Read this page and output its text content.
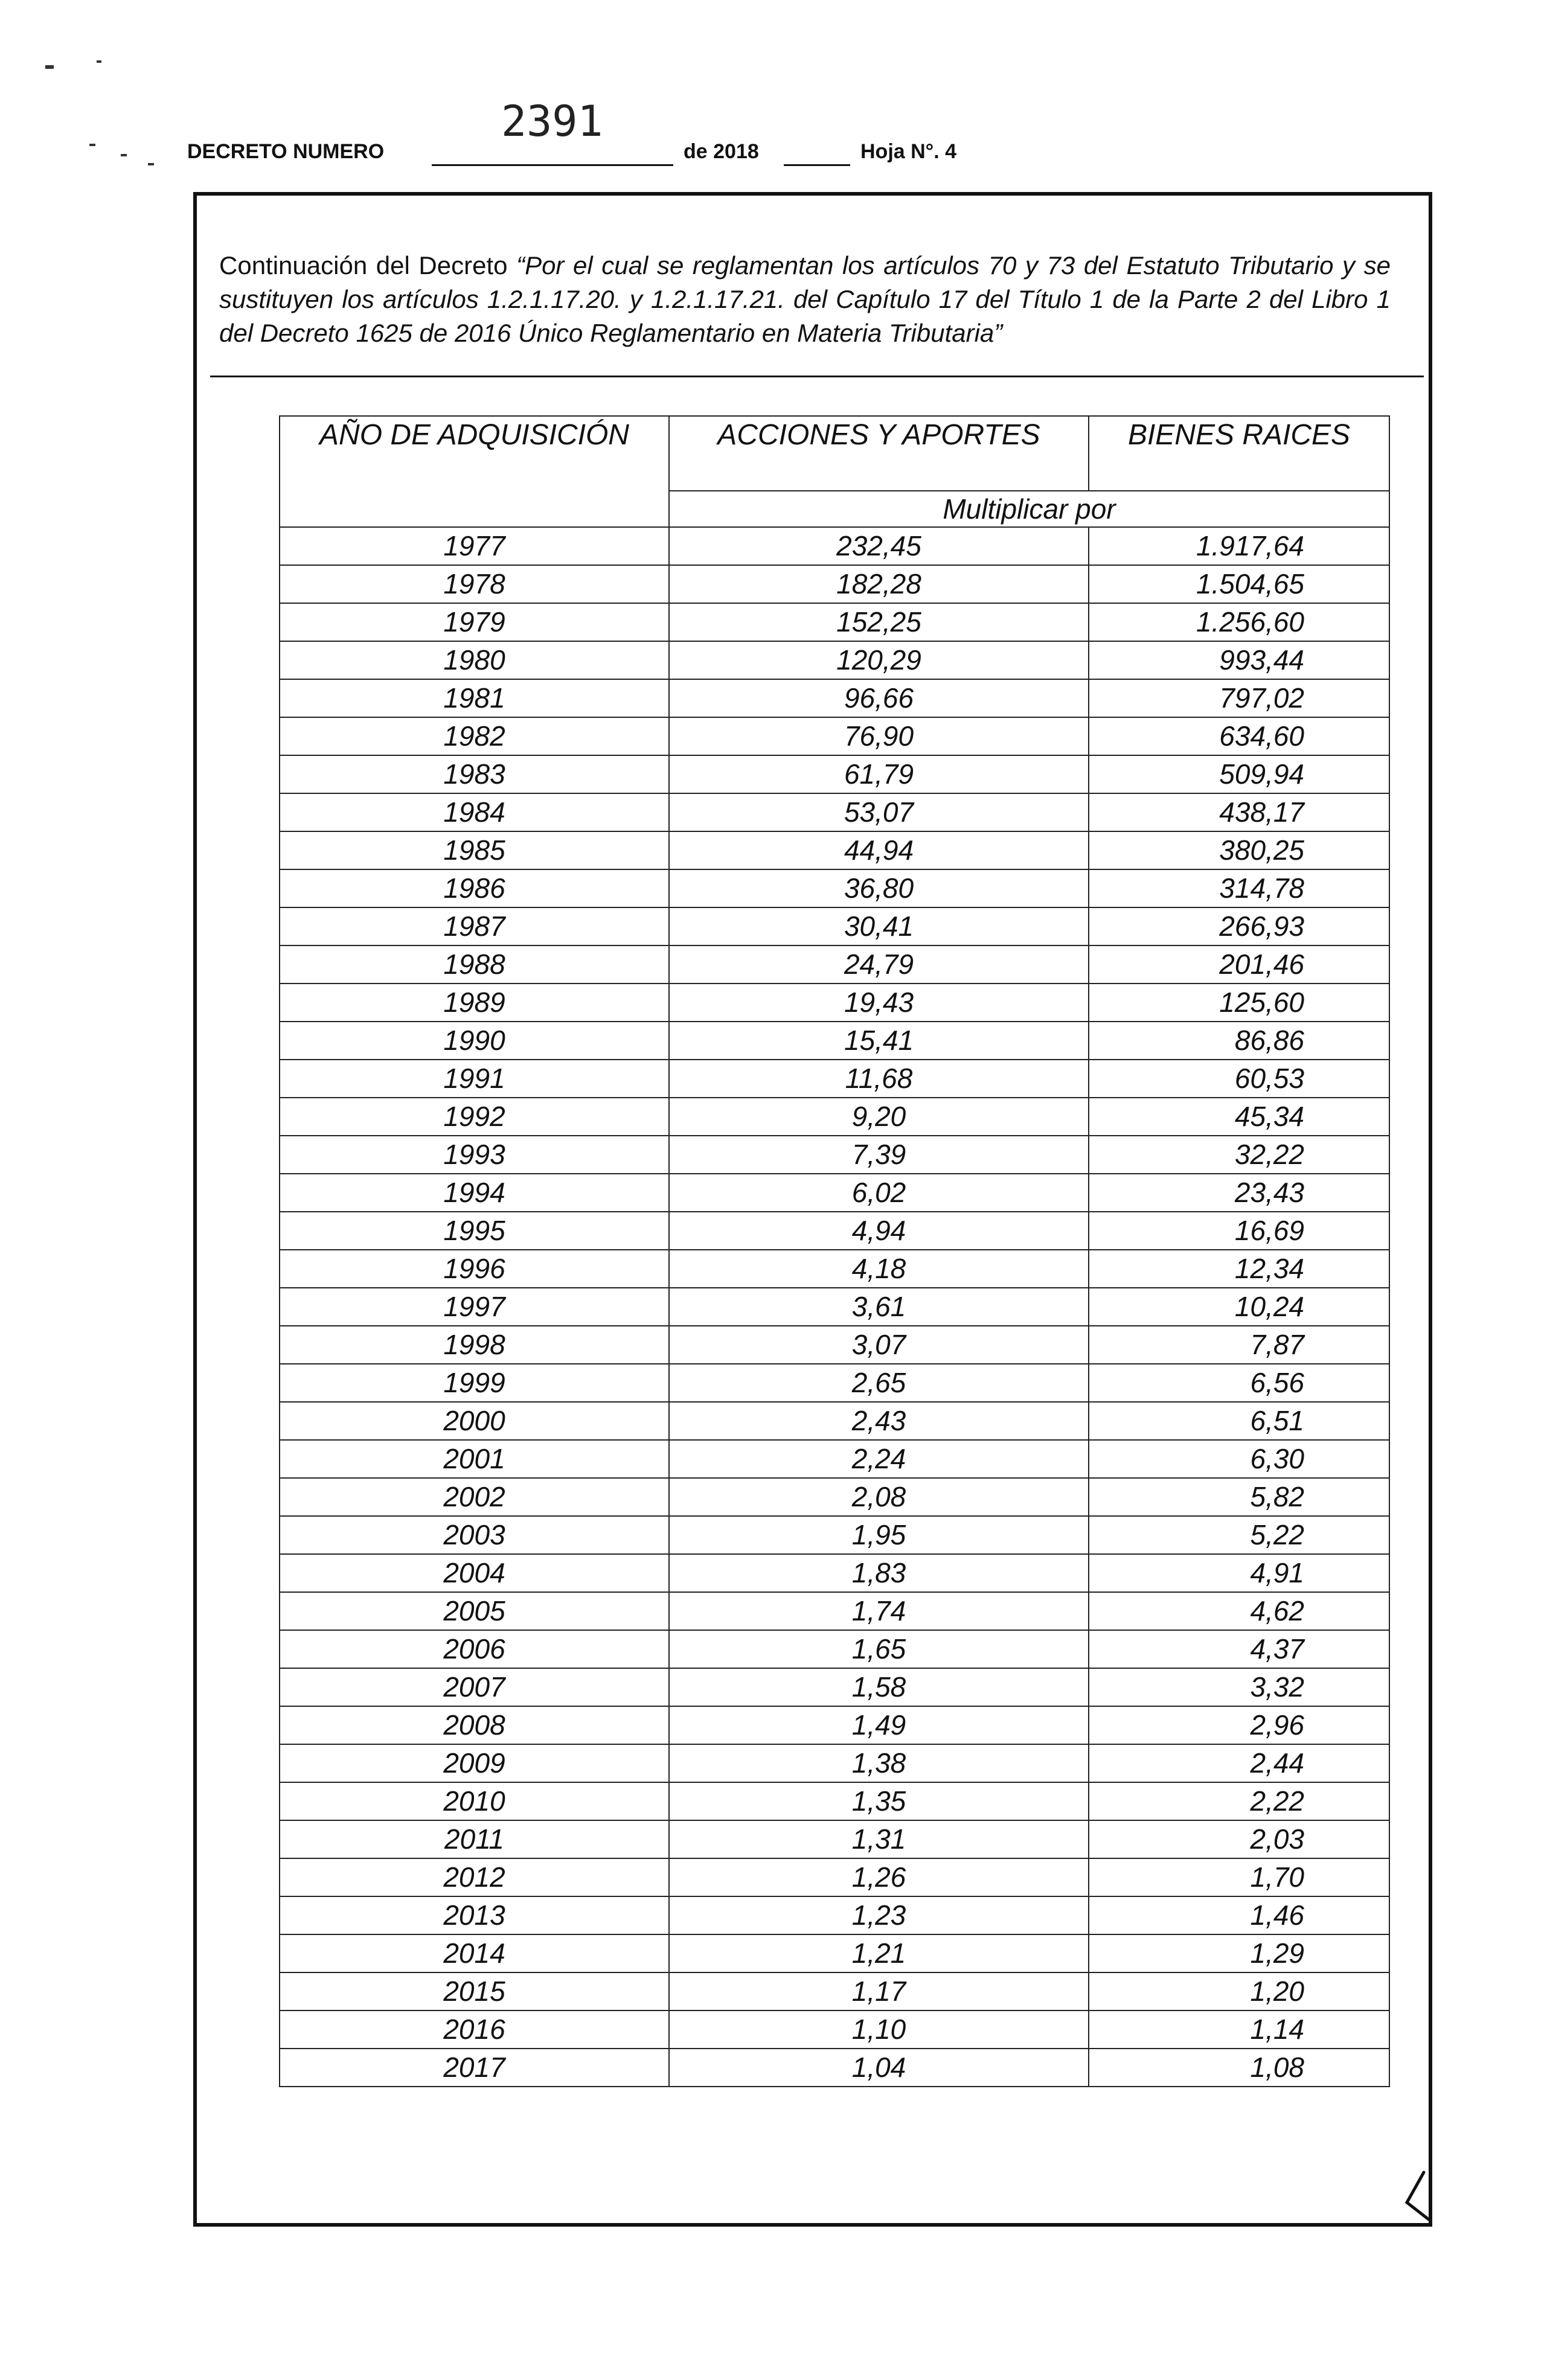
DECRETO NUMERO
2391
de 2018	Hoja N°. 4
Continuación del Decreto “Por el cual se reglamentan los artículos 70 y 73 del Estatuto Tributario y se sustituyen los artículos 1.2.1.17.20. y 1.2.1.17.21. del Capítulo 17 del Título 1 de la Parte 2 del Libro 1 del Decreto 1625 de 2016 Único Reglamentario en Materia Tributaria”
AÑO DE ADQUISICIÓN	ACCIONES Y APORTES	BIENES RAICES
	Multiplicar por	
1977	232,45	1.917,64
1978	182,28	1.504,65
1979	152,25	1.256,60
1980	120,29	993,44
1981	96,66	797,02
1982	76,90	634,60
1983	61,79	509,94
1984	53,07	438,17
1985	44,94	380,25
1986	36,80	314,78
1987	30,41	266,93
1988	24,79	201,46
1989	19,43	125,60
1990	15,41	86,86
1991	11,68	60,53
1992	9,20	45,34
1993	7,39	32,22
1994	6,02	23,43
1995	4,94	16,69
1996	4,18	12,34
1997	3,61	10,24
1998	3,07	7,87
1999	2,65	6,56
2000	2,43	6,51
2001	2,24	6,30
2002	2,08	5,82
2003	1,95	5,22
2004	1,83	4,91
2005	1,74	4,62
2006	1,65	4,37
2007	1,58	3,32
2008	1,49	2,96
2009	1,38	2,44
2010	1,35	2,22
2011	1,31	2,03
2012	1,26	1,70
2013	1,23	1,46
2014	1,21	1,29
2015	1,17	1,20
2016	1,10	1,14
2017	1,04	1,08
